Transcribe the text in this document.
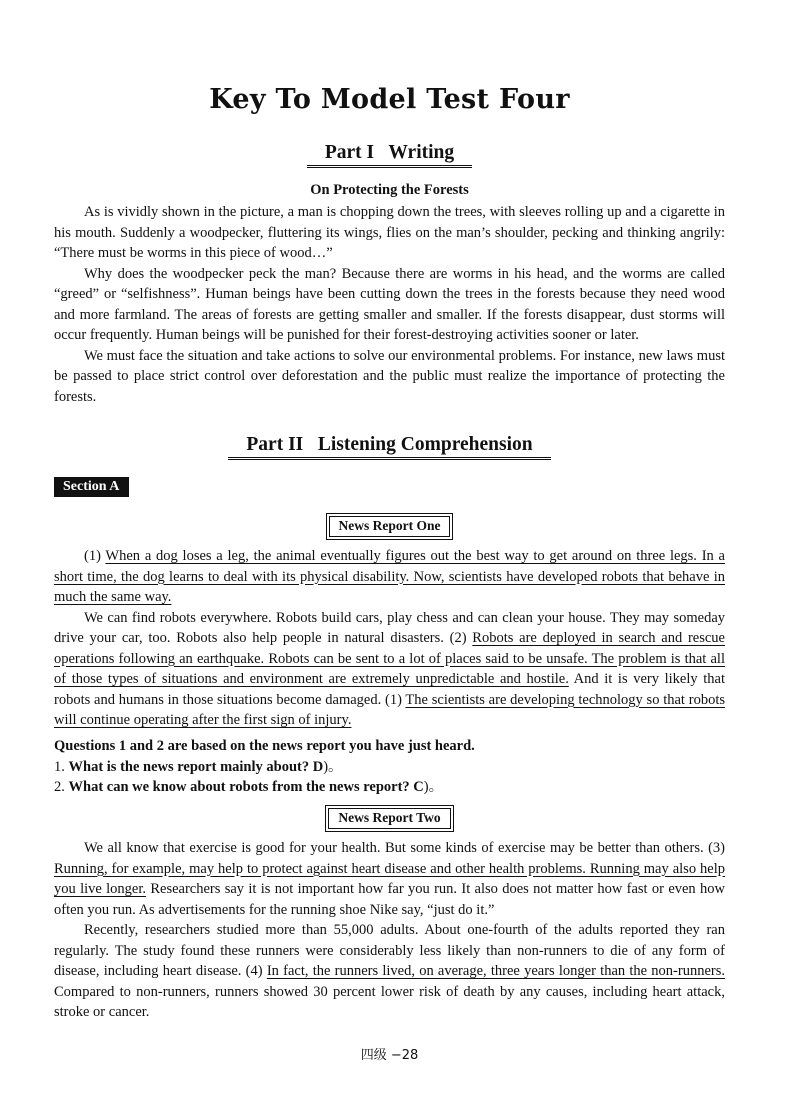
Key To Model Test Four
Part I   Writing
On Protecting the Forests

As is vividly shown in the picture, a man is chopping down the trees, with sleeves rolling up and a cigarette in his mouth. Suddenly a woodpecker, fluttering its wings, flies on the man’s shoulder, pecking and thinking angrily: “There must be worms in this piece of wood…”

Why does the woodpecker peck the man? Because there are worms in his head, and the worms are called “greed” or “selfishness”. Human beings have been cutting down the trees in the forests because they need wood and more farmland. The areas of forests are getting smaller and smaller. If the forests disappear, dust storms will occur frequently. Human beings will be punished for their forest-destroying activities sooner or later.

We must face the situation and take actions to solve our environmental problems. For instance, new laws must be passed to place strict control over deforestation and the public must realize the importance of protecting the forests.

Part II   Listening Comprehension
Section A
News Report One

(1) When a dog loses a leg, the animal eventually figures out the best way to get around on three legs. In a short time, the dog learns to deal with its physical disability. Now, scientists have developed robots that behave in much the same way.

We can find robots everywhere. Robots build cars, play chess and can clean your house. They may someday drive your car, too. Robots also help people in natural disasters. (2) Robots are deployed in search and rescue operations following an earthquake. Robots can be sent to a lot of places said to be unsafe. The problem is that all of those types of situations and environment are extremely unpredictable and hostile. And it is very likely that robots and humans in those situations become damaged. (1) The scientists are developing technology so that robots will continue operating after the first sign of injury.

Questions 1 and 2 are based on the news report you have just heard.
1. What is the news report mainly about? D)。
2. What can we know about robots from the news report? C)。
News Report Two

We all know that exercise is good for your health. But some kinds of exercise may be better than others. (3) Running, for example, may help to protect against heart disease and other health problems. Running may also help you live longer. Researchers say it is not important how far you run. It also does not matter how fast or even how often you run. As advertisements for the running shoe Nike say, “just do it.”

Recently, researchers studied more than 55,000 adults. About one-fourth of the adults reported they ran regularly. The study found these runners were considerably less likely than non-runners to die of any form of disease, including heart disease. (4) In fact, the runners lived, on average, three years longer than the non-runners. Compared to non-runners, runners showed 30 percent lower risk of death by any causes, including heart attack, stroke or cancer.

四级 −28
